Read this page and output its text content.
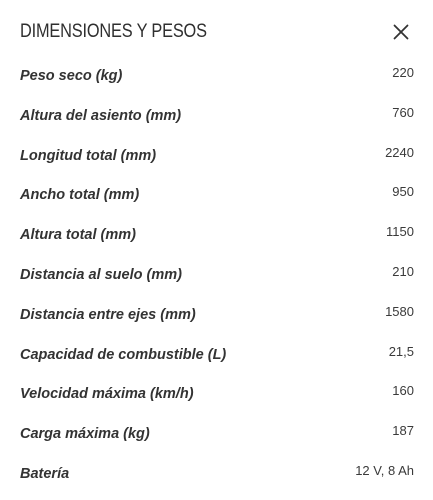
DIMENSIONES Y PESOS
Peso seco (kg)	220
Altura del asiento (mm)	760
Longitud total (mm)	2240
Ancho total (mm)	950
Altura total (mm)	1150
Distancia al suelo (mm)	210
Distancia entre ejes (mm)	1580
Capacidad de combustible (L)	21,5
Velocidad máxima (km/h)	160
Carga máxima (kg)	187
Batería	12 V, 8 Ah
